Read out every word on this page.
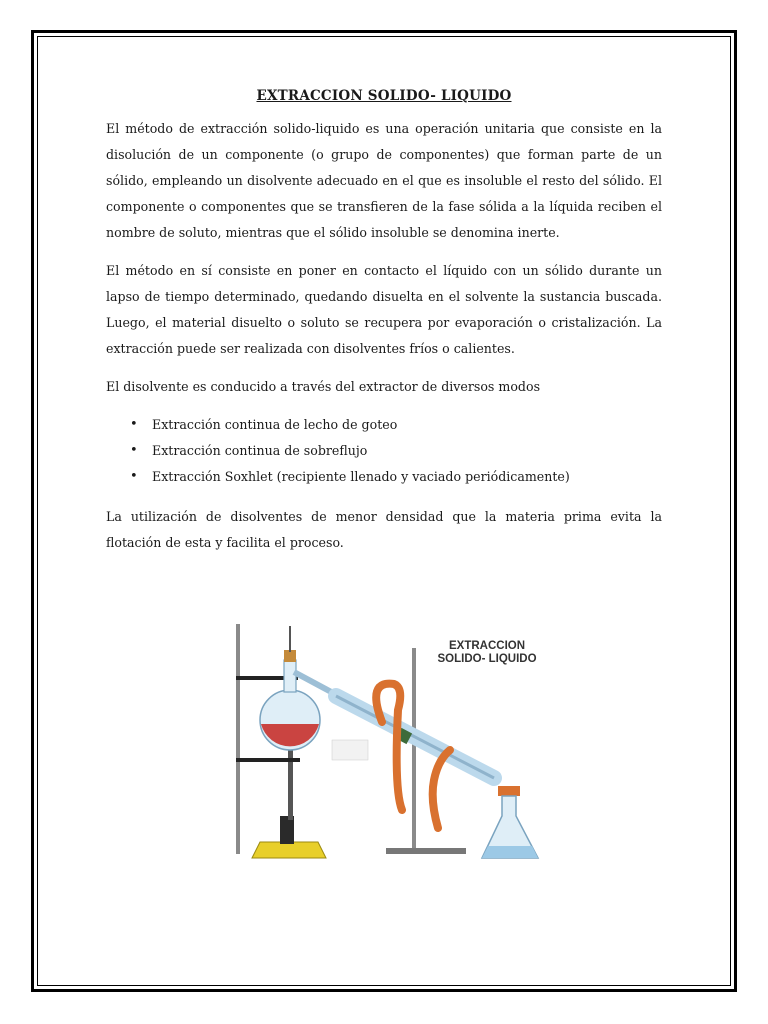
EXTRACCION SOLIDO- LIQUIDO

El método de extracción solido-liquido es una operación unitaria que consiste en la disolución de un componente (o grupo de componentes) que forman parte de un sólido, empleando un disolvente adecuado en el que es insoluble el resto del sólido. El componente o componentes que se transfieren de la fase sólida a la líquida reciben el nombre de soluto, mientras que el sólido insoluble se denomina inerte.

El método en sí consiste en poner en contacto el líquido con un sólido durante un lapso de tiempo determinado, quedando disuelta en el solvente la sustancia buscada. Luego, el material disuelto o soluto se recupera por evaporación o cristalización. La extracción puede ser realizada con disolventes fríos o calientes.

El disolvente es conducido a través del extractor de diversos modos

• Extracción continua de lecho de goteo
• Extracción continua de sobreflujo
• Extracción Soxhlet (recipiente llenado y vaciado periódicamente)

La utilización de disolventes de menor densidad que la materia prima evita la flotación de esta y facilita el proceso.

EXTRACCION
SOLIDO- LIQUIDO
